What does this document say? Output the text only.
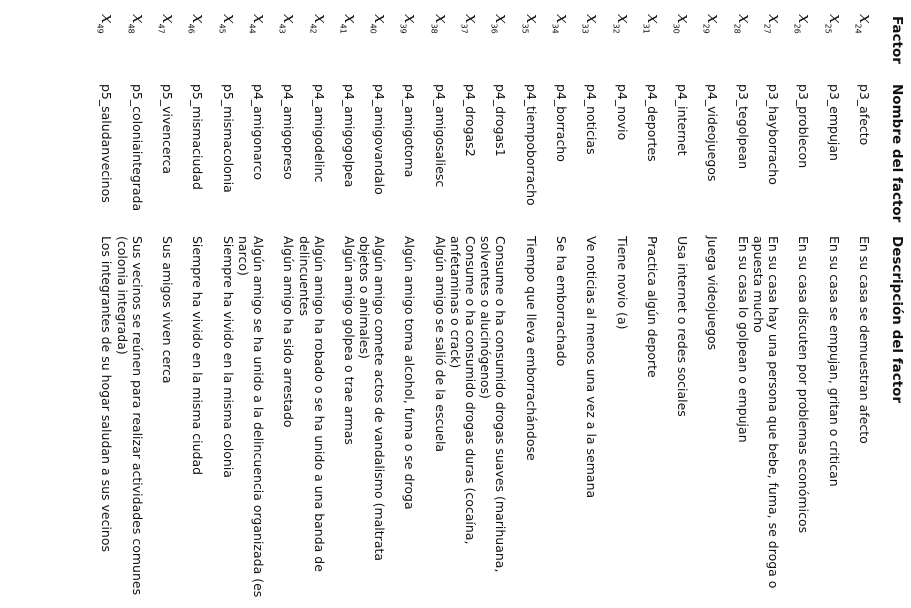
Factor
Nombre del factor
Descripción del factor
$x_{24}$
p3_afecto
En su casa se demuestran afecto
$x_{25}$
p3_empujan
En su casa se empujan, gritan o critican
$x_{26}$
p3_problecon
En su casa discuten por problemas económicos
$x_{27}$
p3_hayborracho
En su casa hay una persona que bebe, fuma, se droga o apuesta mucho
$x_{28}$
p3_tegolpean
En su casa lo golpean o empujan
$x_{29}$
p4_videojuegos
Juega videojuegos
$x_{30}$
p4_internet
Usa internet o redes sociales
$x_{31}$
p4_deportes
Practica algún deporte
$x_{32}$
p4_novio
Tiene novio (a)
$x_{33}$
p4_noticias
Ve noticias al menos una vez a la semana
$x_{34}$
p4_borracho
Se ha emborrachado
$x_{35}$
p4_tiempoborracho
Tiempo que lleva emborrachándose
$x_{36}$
p4_drogas1
Consume o ha consumido drogas suaves (marihuana, solventes o alucinógenos)
$x_{37}$
p4_drogas2
Consume o ha consumido drogas duras (cocaína, anfetaminas o crack)
$x_{38}$
p4_amigosaliesc
Algún amigo se salió de la escuela
$x_{39}$
p4_amigotoma
Algún amigo toma alcohol, fuma o se droga
$x_{40}$
p4_amigovandalo
Algún amigo comete actos de vandalismo (maltrata objetos o animales)
$x_{41}$
p4_amigogolpea
Algún amigo golpea o trae armas
$x_{42}$
p4_amigodelinc
Algún amigo ha robado o se ha unido a una banda de delincuentes
$x_{43}$
p4_amigopreso
Algún amigo ha sido arrestado
$x_{44}$
p4_amigonarco
Algún amigo se ha unido a la delincuencia organizada (es narco)
$x_{45}$
p5_mismacolonia
Siempre ha vivido en la misma colonia
$x_{46}$
p5_mismaciudad
Siempre ha vivido en la misma ciudad
$x_{47}$
p5_vivencerca
Sus amigos viven cerca
$x_{48}$
p5_coloniaintegrada
Sus vecinos se reúnen para realizar actividades comunes (colonia integrada)
$x_{49}$
p5_saludanvecinos
Los integrantes de su hogar saludan a sus vecinos
